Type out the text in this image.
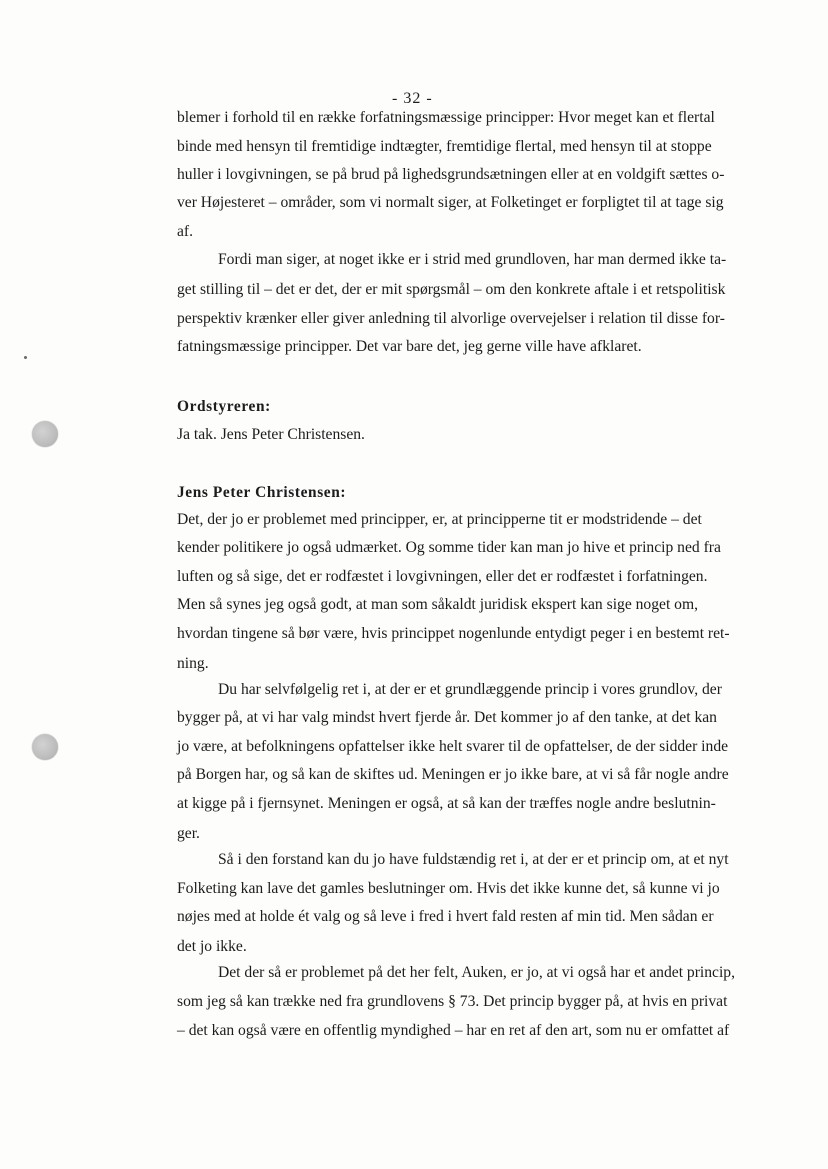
- 32 -
blemer i forhold til en række forfatningsmæssige principper: Hvor meget kan et flertal
binde med hensyn til fremtidige indtægter, fremtidige flertal, med hensyn til at stoppe
huller i lovgivningen, se på brud på lighedsgrundsætningen eller at en voldgift sættes o-
ver Højesteret – områder, som vi normalt siger, at Folketinget er forpligtet til at tage sig
af.
Fordi man siger, at noget ikke er i strid med grundloven, har man dermed ikke ta-
get stilling til – det er det, der er mit spørgsmål – om den konkrete aftale i et retspolitisk
perspektiv krænker eller giver anledning til alvorlige overvejelser i relation til disse for-
fatningsmæssige principper. Det var bare det, jeg gerne ville have afklaret.
Ordstyreren:
Ja tak. Jens Peter Christensen.
Jens Peter Christensen:
Det, der jo er problemet med principper, er, at principperne tit er modstridende – det
kender politikere jo også udmærket. Og somme tider kan man jo hive et princip ned fra
luften og så sige, det er rodfæstet i lovgivningen, eller det er rodfæstet i forfatningen.
Men så synes jeg også godt, at man som såkaldt juridisk ekspert kan sige noget om,
hvordan tingene så bør være, hvis princippet nogenlunde entydigt peger i en bestemt ret-
ning.
Du har selvfølgelig ret i, at der er et grundlæggende princip i vores grundlov, der
bygger på, at vi har valg mindst hvert fjerde år. Det kommer jo af den tanke, at det kan
jo være, at befolkningens opfattelser ikke helt svarer til de opfattelser, de der sidder inde
på Borgen har, og så kan de skiftes ud. Meningen er jo ikke bare, at vi så får nogle andre
at kigge på i fjernsynet. Meningen er også, at så kan der træffes nogle andre beslutnin-
ger.
Så i den forstand kan du jo have fuldstændig ret i, at der er et princip om, at et nyt
Folketing kan lave det gamles beslutninger om. Hvis det ikke kunne det, så kunne vi jo
nøjes med at holde ét valg og så leve i fred i hvert fald resten af min tid. Men sådan er
det jo ikke.
Det der så er problemet på det her felt, Auken, er jo, at vi også har et andet princip,
som jeg så kan trække ned fra grundlovens § 73. Det princip bygger på, at hvis en privat
– det kan også være en offentlig myndighed – har en ret af den art, som nu er omfattet af
